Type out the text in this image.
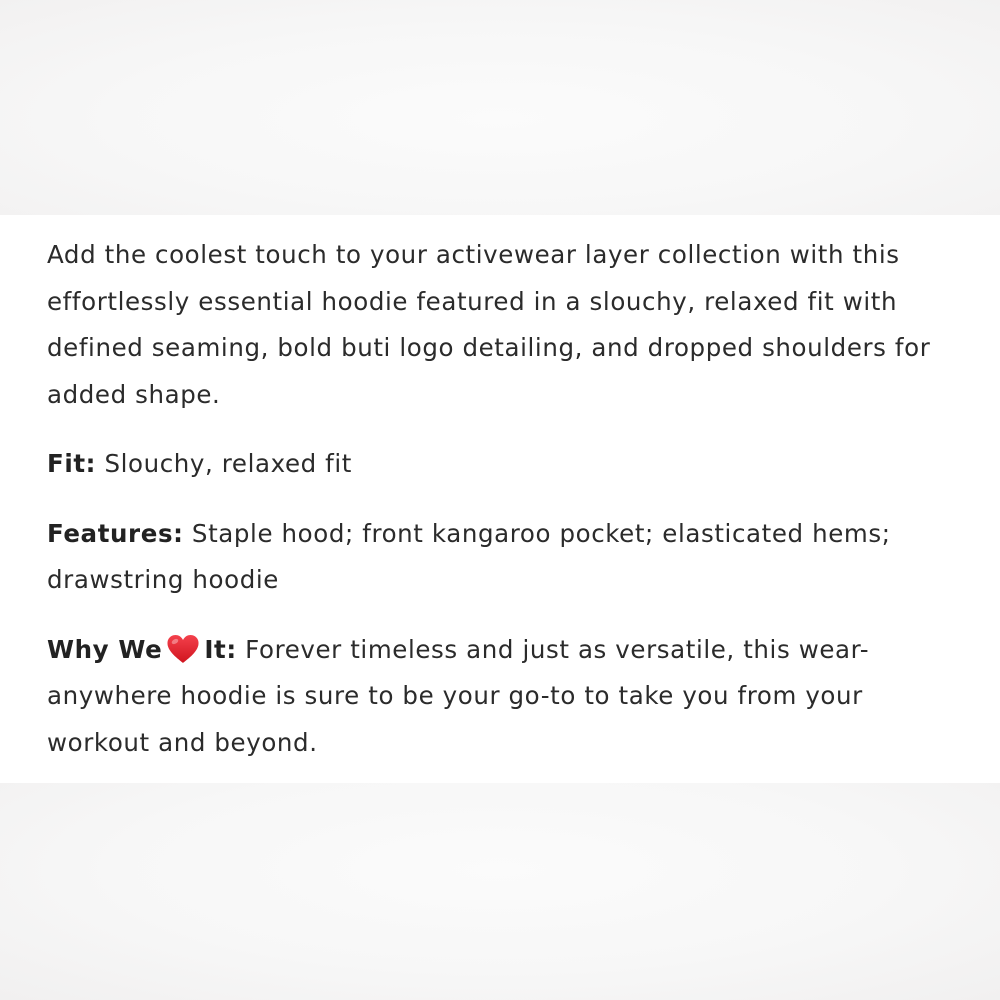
Add the coolest touch to your activewear layer collection with this effortlessly essential hoodie featured in a slouchy, relaxed fit with defined seaming, bold buti logo detailing, and dropped shoulders for added shape.

Fit: Slouchy, relaxed fit

Features: Staple hood; front kangaroo pocket; elasticated hems; drawstring hoodie

Why We It: Forever timeless and just as versatile, this wear-anywhere hoodie is sure to be your go-to to take you from your workout and beyond.
